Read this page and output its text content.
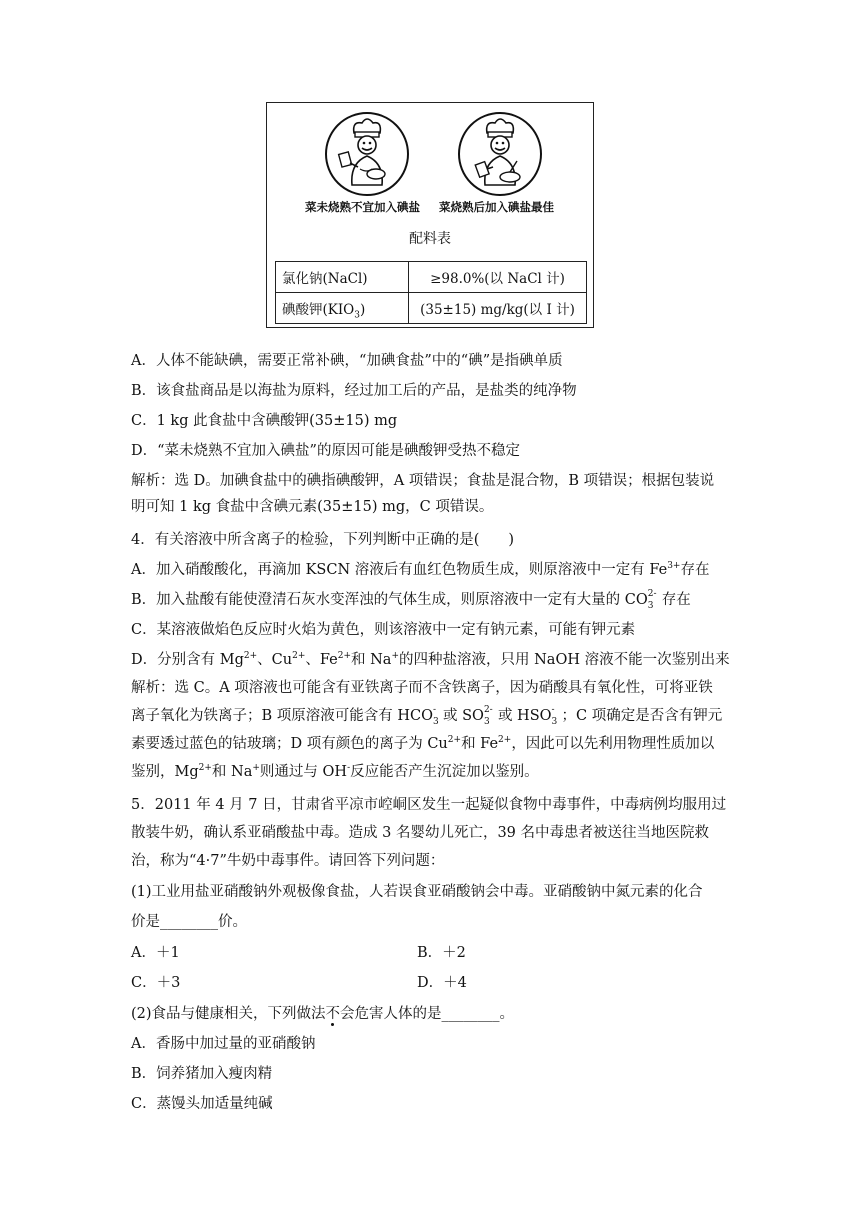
菜未烧熟不宜加入碘盐 菜烧熟后加入碘盐最佳
配料表
氯化钠(NaCl)	≥98.0%(以 NaCl 计)
碘酸钾$(KIO_3)$	(35±15) mg/kg(以 I 计)
A．人体不能缺碘，需要正常补碘，“加碘食盐”中的“碘”是指碘单质
B．该食盐商品是以海盐为原料，经过加工后的产品，是盐类的纯净物
C．1 kg 此食盐中含碘酸钾(35±15) mg
D．“菜未烧熟不宜加入碘盐”的原因可能是碘酸钾受热不稳定
解析：选 D。加碘食盐中的碘指碘酸钾，A 项错误；食盐是混合物，B 项错误；根据包装说
明可知 1 kg 食盐中含碘元素(35±15) mg，C 项错误。
4．有关溶液中所含离子的检验，下列判断中正确的是(　　)
A．加入硝酸酸化，再滴加 KSCN 溶液后有血红色物质生成，则原溶液中一定有 $Fe^{3+}$存在
B．加入盐酸有能使澄清石灰水变浑浊的气体生成，则原溶液中一定有大量的 CO 2-
3 存在
C．某溶液做焰色反应时火焰为黄色，则该溶液中一定有钠元素，可能有钾元素
D．分别含有 $Mg^{2+}$、$Cu^{2+}$、$Fe^{2+}$和 Na+的四种盐溶液，只用 NaOH 溶液不能一次鉴别出来
解析：选 C。A 项溶液也可能含有亚铁离子而不含铁离子，因为硝酸具有氧化性，可将亚铁
离子氧化为铁离子；B 项原溶液可能含有 HCO -
3 或 SO 2-
3 或 HSO -
3 ；C 项确定是否含有钾元
素要透过蓝色的钴玻璃；D 项有颜色的离子为 $Cu^{2+}$和 $Fe^{2+}$，因此可以先利用物理性质加以
鉴别，$Mg^{2+}$和 Na+则通过与 OH-反应能否产生沉淀加以鉴别。
5．2011 年 4 月 7 日，甘肃省平凉市崆峒区发生一起疑似食物中毒事件，中毒病例均服用过
散装牛奶，确认系亚硝酸盐中毒。造成 3 名婴幼儿死亡，39 名中毒患者被送往当地医院救
治，称为“4·7”牛奶中毒事件。请回答下列问题：
(1)工业用盐亚硝酸钠外观极像食盐，人若误食亚硝酸钠会中毒。亚硝酸钠中氮元素的化合
价是________价。
A．＋1	B．＋2
C．＋3	D．＋4
(2)食品与健康相关，下列做法不会危害人体的是________。
A．香肠中加过量的亚硝酸钠
B．饲养猪加入瘦肉精
C．蒸馒头加适量纯碱
